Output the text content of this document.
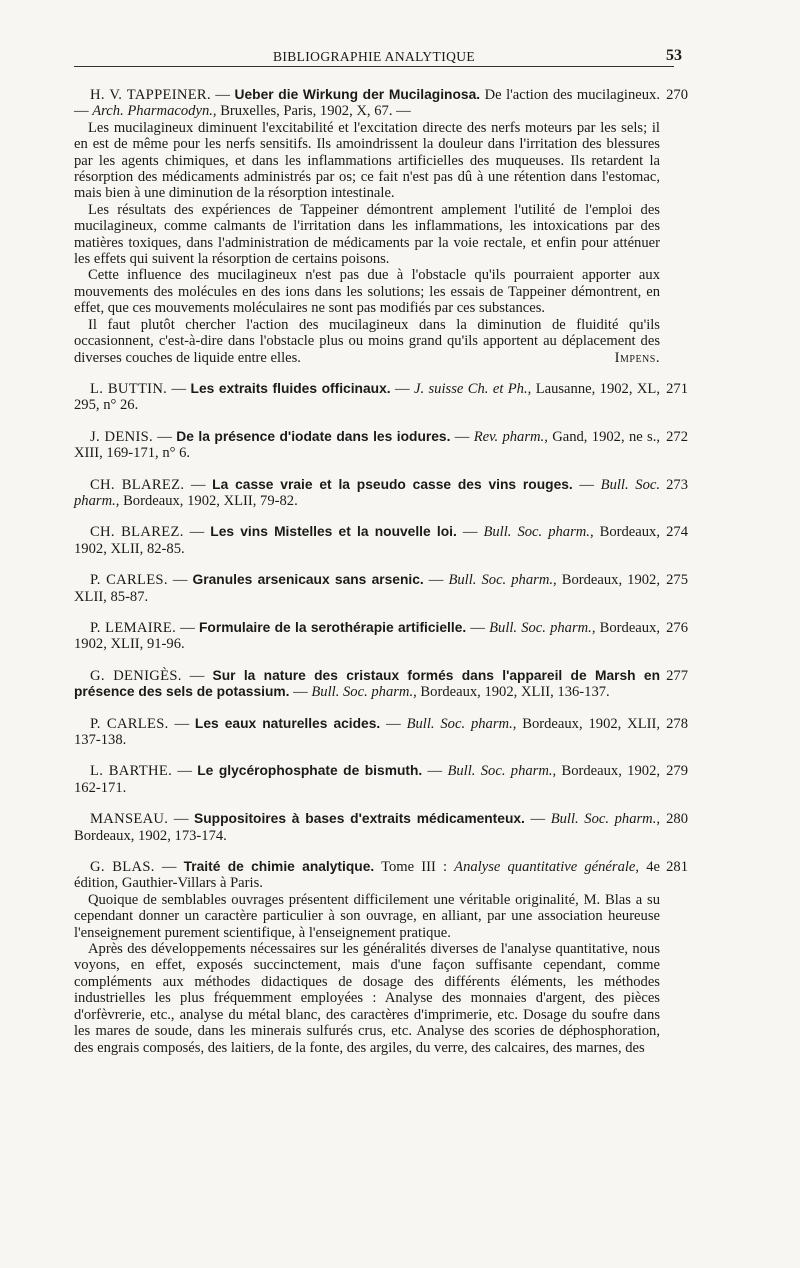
BIBLIOGRAPHIE ANALYTIQUE	53
270

H. V. TAPPEINER. — Ueber die Wirkung der Mucilaginosa. De l'action des mucilagineux. — Arch. Pharmacodyn., Bruxelles, Paris, 1902, X, 67. —

Les mucilagineux diminuent l'excitabilité et l'excitation directe des nerfs moteurs par les sels; il en est de même pour les nerfs sensitifs. Ils amoindrissent la douleur dans l'irritation des blessures par les agents chimiques, et dans les inflammations artificielles des muqueuses. Ils retardent la résorption des médicaments administrés par os; ce fait n'est pas dû à une rétention dans l'estomac, mais bien à une diminution de la résorption intestinale.

Les résultats des expériences de Tappeiner démontrent amplement l'utilité de l'emploi des mucilagineux, comme calmants de l'irritation dans les inflammations, les intoxications par des matières toxiques, dans l'administration de médicaments par la voie rectale, et enfin pour atténuer les effets qui suivent la résorption de certains poisons.

Cette influence des mucilagineux n'est pas due à l'obstacle qu'ils pourraient apporter aux mouvements des molécules en des ions dans les solutions; les essais de Tappeiner démontrent, en effet, que ces mouvements moléculaires ne sont pas modifiés par ces substances.

Il faut plutôt chercher l'action des mucilagineux dans la diminution de fluidité qu'ils occasionnent, c'est-à-dire dans l'obstacle plus ou moins grand qu'ils apportent au déplacement des diverses couches de liquide entre elles.	Impens.

271

L. BUTTIN. — Les extraits fluides officinaux. — J. suisse Ch. et Ph., Lausanne, 1902, XL, 295, n° 26.

272

J. DENIS. — De la présence d'iodate dans les iodures. — Rev. pharm., Gand, 1902, ne s., XIII, 169-171, n° 6.

273

CH. BLAREZ. — La casse vraie et la pseudo casse des vins rouges. — Bull. Soc. pharm., Bordeaux, 1902, XLII, 79-82.

274

CH. BLAREZ. — Les vins Mistelles et la nouvelle loi. — Bull. Soc. pharm., Bordeaux, 1902, XLII, 82-85.

275

P. CARLES. — Granules arsenicaux sans arsenic. — Bull. Soc. pharm., Bordeaux, 1902, XLII, 85-87.

276

P. LEMAIRE. — Formulaire de la serothérapie artificielle. — Bull. Soc. pharm., Bordeaux, 1902, XLII, 91-96.

277

G. DENIGÈS. — Sur la nature des cristaux formés dans l'appareil de Marsh en présence des sels de potassium. — Bull. Soc. pharm., Bordeaux, 1902, XLII, 136-137.

278

P. CARLES. — Les eaux naturelles acides. — Bull. Soc. pharm., Bordeaux, 1902, XLII, 137-138.

279

L. BARTHE. — Le glycérophosphate de bismuth. — Bull. Soc. pharm., Bordeaux, 1902, 162-171.

280

MANSEAU. — Suppositoires à bases d'extraits médicamenteux. — Bull. Soc. pharm., Bordeaux, 1902, 173-174.

281

G. BLAS. — Traité de chimie analytique. Tome III : Analyse quantitative générale, 4e édition, Gauthier-Villars à Paris.

Quoique de semblables ouvrages présentent difficilement une véritable originalité, M. Blas a su cependant donner un caractère particulier à son ouvrage, en alliant, par une association heureuse l'enseignement purement scientifique, à l'enseignement pratique.

Après des développements nécessaires sur les généralités diverses de l'analyse quantitative, nous voyons, en effet, exposés succinctement, mais d'une façon suffisante cependant, comme compléments aux méthodes didactiques de dosage des différents éléments, les méthodes industrielles les plus fréquemment employées : Analyse des monnaies d'argent, des pièces d'orfèvrerie, etc., analyse du métal blanc, des caractères d'imprimerie, etc. Dosage du soufre dans les mares de soude, dans les minerais sulfurés crus, etc. Analyse des scories de déphosphoration, des engrais composés, des laitiers, de la fonte, des argiles, du verre, des calcaires, des marnes, des
